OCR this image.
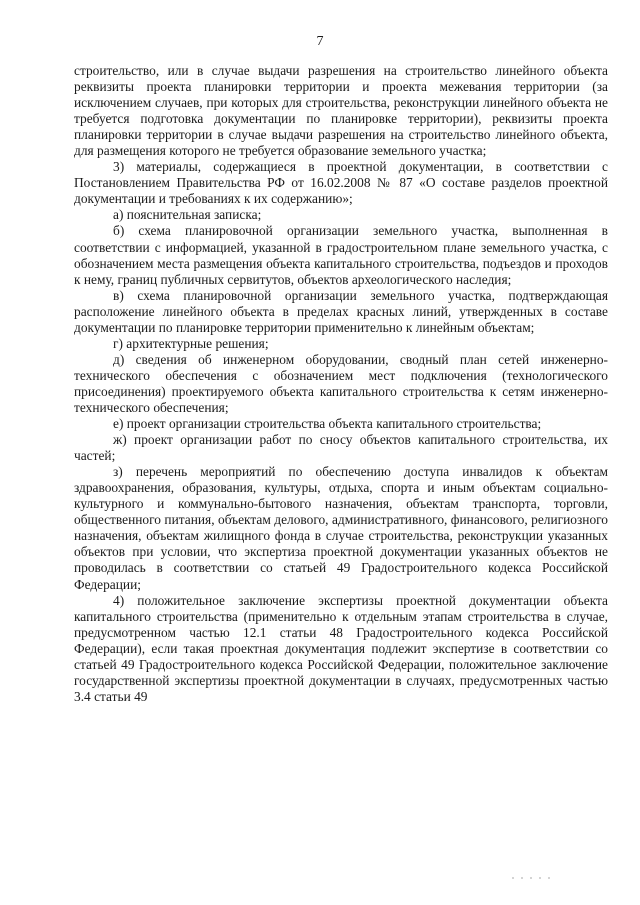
7

строительство, или в случае выдачи разрешения на строительство линейного объекта реквизиты проекта планировки территории и проекта межевания территории (за исключением случаев, при которых для строительства, реконструкции линейного объекта не требуется подготовка документации по планировке территории), реквизиты проекта планировки территории в случае выдачи разрешения на строительство линейного объекта, для размещения которого не требуется образование земельного участка;

3) материалы, содержащиеся в проектной документации, в соответствии с Постановлением Правительства РФ от 16.02.2008 № 87 «О составе разделов проектной документации и требованиях к их содержанию»;

а) пояснительная записка;

б) схема планировочной организации земельного участка, выполненная в соответствии с информацией, указанной в градостроительном плане земельного участка, с обозначением места размещения объекта капитального строительства, подъездов и проходов к нему, границ публичных сервитутов, объектов археологического наследия;

в) схема планировочной организации земельного участка, подтверждающая расположение линейного объекта в пределах красных линий, утвержденных в составе документации по планировке территории применительно к линейным объектам;

г) архитектурные решения;

д) сведения об инженерном оборудовании, сводный план сетей инженерно-технического обеспечения с обозначением мест подключения (технологического присоединения) проектируемого объекта капитального строительства к сетям инженерно-технического обеспечения;

е) проект организации строительства объекта капитального строительства;

ж) проект организации работ по сносу объектов капитального строительства, их частей;

з) перечень мероприятий по обеспечению доступа инвалидов к объектам здравоохранения, образования, культуры, отдыха, спорта и иным объектам социально-культурного и коммунально-бытового назначения, объектам транспорта, торговли, общественного питания, объектам делового, административного, финансового, религиозного назначения, объектам жилищного фонда в случае строительства, реконструкции указанных объектов при условии, что экспертиза проектной документации указанных объектов не проводилась в соответствии со статьей 49 Градостроительного кодекса Российской Федерации;

4) положительное заключение экспертизы проектной документации объекта капитального строительства (применительно к отдельным этапам строительства в случае, предусмотренном частью 12.1 статьи 48 Градостроительного кодекса Российской Федерации), если такая проектная документация подлежит экспертизе в соответствии со статьей 49 Градостроительного кодекса Российской Федерации, положительное заключение государственной экспертизы проектной документации в случаях, предусмотренных частью 3.4 статьи 49
